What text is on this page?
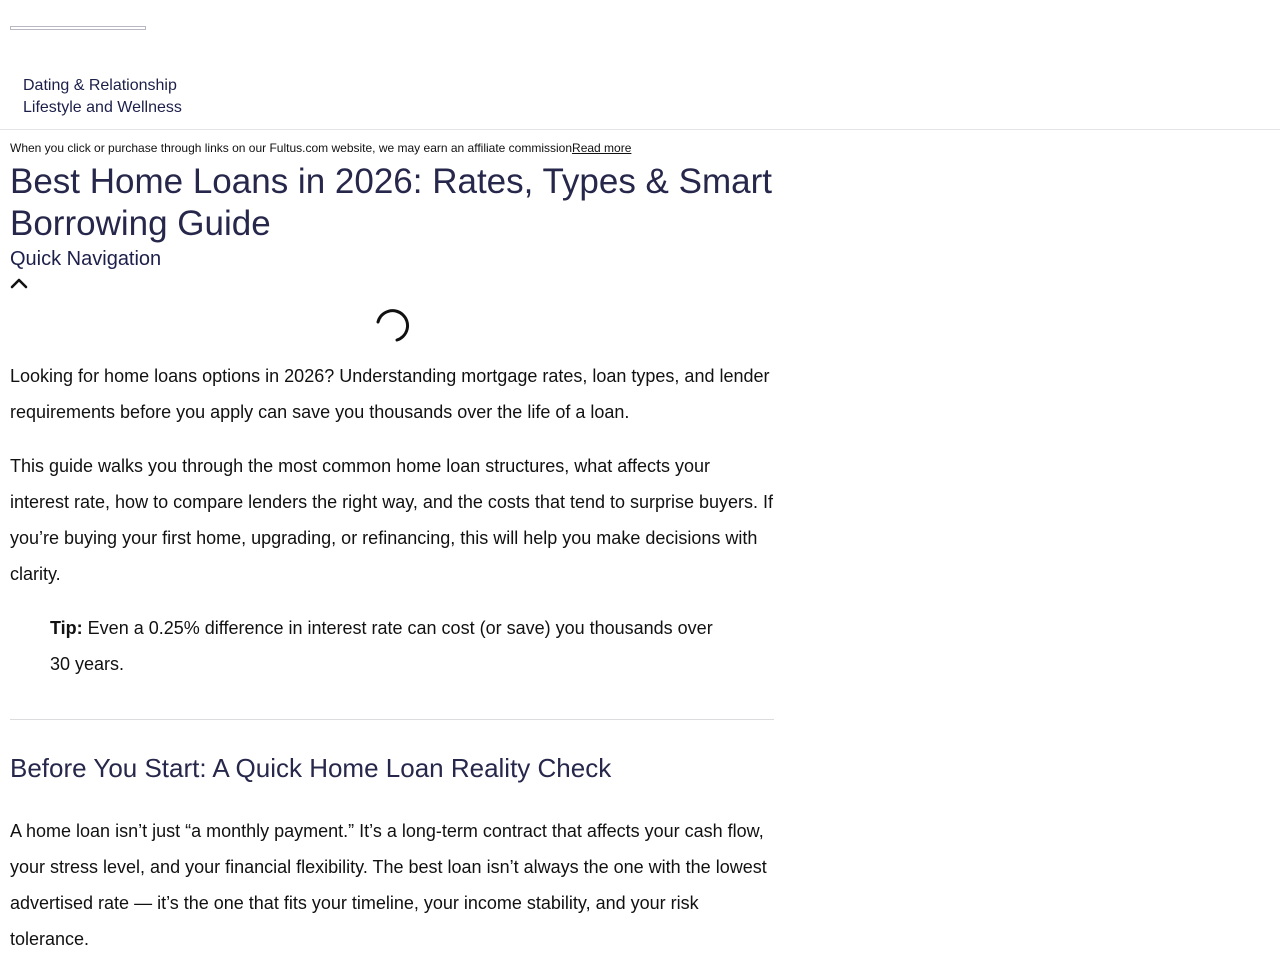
Dating & Relationship
Lifestyle and Wellness
When you click or purchase through links on our Fultus.com website, we may earn an affiliate commissionRead more
Best Home Loans in 2026: Rates, Types & Smart Borrowing Guide
Quick Navigation

Looking for home loans options in 2026? Understanding mortgage rates, loan types, and lender requirements before you apply can save you thousands over the life of a loan.

This guide walks you through the most common home loan structures, what affects your interest rate, how to compare lenders the right way, and the costs that tend to surprise buyers. If you’re buying your first home, upgrading, or refinancing, this will help you make decisions with clarity.

Tip: Even a 0.25% difference in interest rate can cost (or save) you thousands over 30 years.
Before You Start: A Quick Home Loan Reality Check

A home loan isn’t just “a monthly payment.” It’s a long-term contract that affects your cash flow, your stress level, and your financial flexibility. The best loan isn’t always the one with the lowest advertised rate — it’s the one that fits your timeline, your income stability, and your risk tolerance.
